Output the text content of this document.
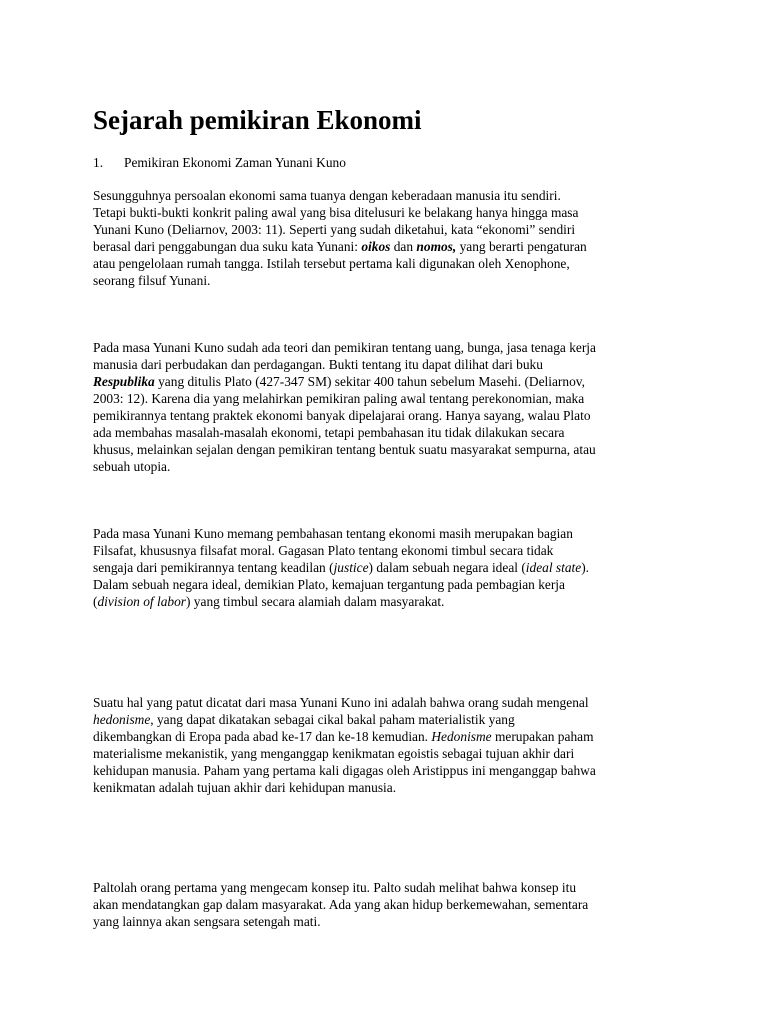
Sejarah pemikiran Ekonomi

1. Pemikiran Ekonomi Zaman Yunani Kuno

Sesungguhnya persoalan ekonomi sama tuanya dengan keberadaan manusia itu sendiri.
Tetapi bukti-bukti konkrit paling awal yang bisa ditelusuri ke belakang hanya hingga masa
Yunani Kuno (Deliarnov, 2003: 11). Seperti yang sudah diketahui, kata “ekonomi” sendiri
berasal dari penggabungan dua suku kata Yunani: oikos dan nomos, yang berarti pengaturan
atau pengelolaan rumah tangga. Istilah tersebut pertama kali digunakan oleh Xenophone,
seorang filsuf Yunani.

Pada masa Yunani Kuno sudah ada teori dan pemikiran tentang uang, bunga, jasa tenaga kerja
manusia dari perbudakan dan perdagangan. Bukti tentang itu dapat dilihat dari buku
Respublika yang ditulis Plato (427-347 SM) sekitar 400 tahun sebelum Masehi. (Deliarnov,
2003: 12). Karena dia yang melahirkan pemikiran paling awal tentang perekonomian, maka
pemikirannya tentang praktek ekonomi banyak dipelajarai orang. Hanya sayang, walau Plato
ada membahas masalah-masalah ekonomi, tetapi pembahasan itu tidak dilakukan secara
khusus, melainkan sejalan dengan pemikiran tentang bentuk suatu masyarakat sempurna, atau
sebuah utopia.

Pada masa Yunani Kuno memang pembahasan tentang ekonomi masih merupakan bagian
Filsafat, khususnya filsafat moral. Gagasan Plato tentang ekonomi timbul secara tidak
sengaja dari pemikirannya tentang keadilan (justice) dalam sebuah negara ideal (ideal state).
Dalam sebuah negara ideal, demikian Plato, kemajuan tergantung pada pembagian kerja
(division of labor) yang timbul secara alamiah dalam masyarakat.

Suatu hal yang patut dicatat dari masa Yunani Kuno ini adalah bahwa orang sudah mengenal
hedonisme, yang dapat dikatakan sebagai cikal bakal paham materialistik yang
dikembangkan di Eropa pada abad ke-17 dan ke-18 kemudian. Hedonisme merupakan paham
materialisme mekanistik, yang menganggap kenikmatan egoistis sebagai tujuan akhir dari
kehidupan manusia. Paham yang pertama kali digagas oleh Aristippus ini menganggap bahwa
kenikmatan adalah tujuan akhir dari kehidupan manusia.

Paltolah orang pertama yang mengecam konsep itu. Palto sudah melihat bahwa konsep itu
akan mendatangkan gap dalam masyarakat. Ada yang akan hidup berkemewahan, sementara
yang lainnya akan sengsara setengah mati.
